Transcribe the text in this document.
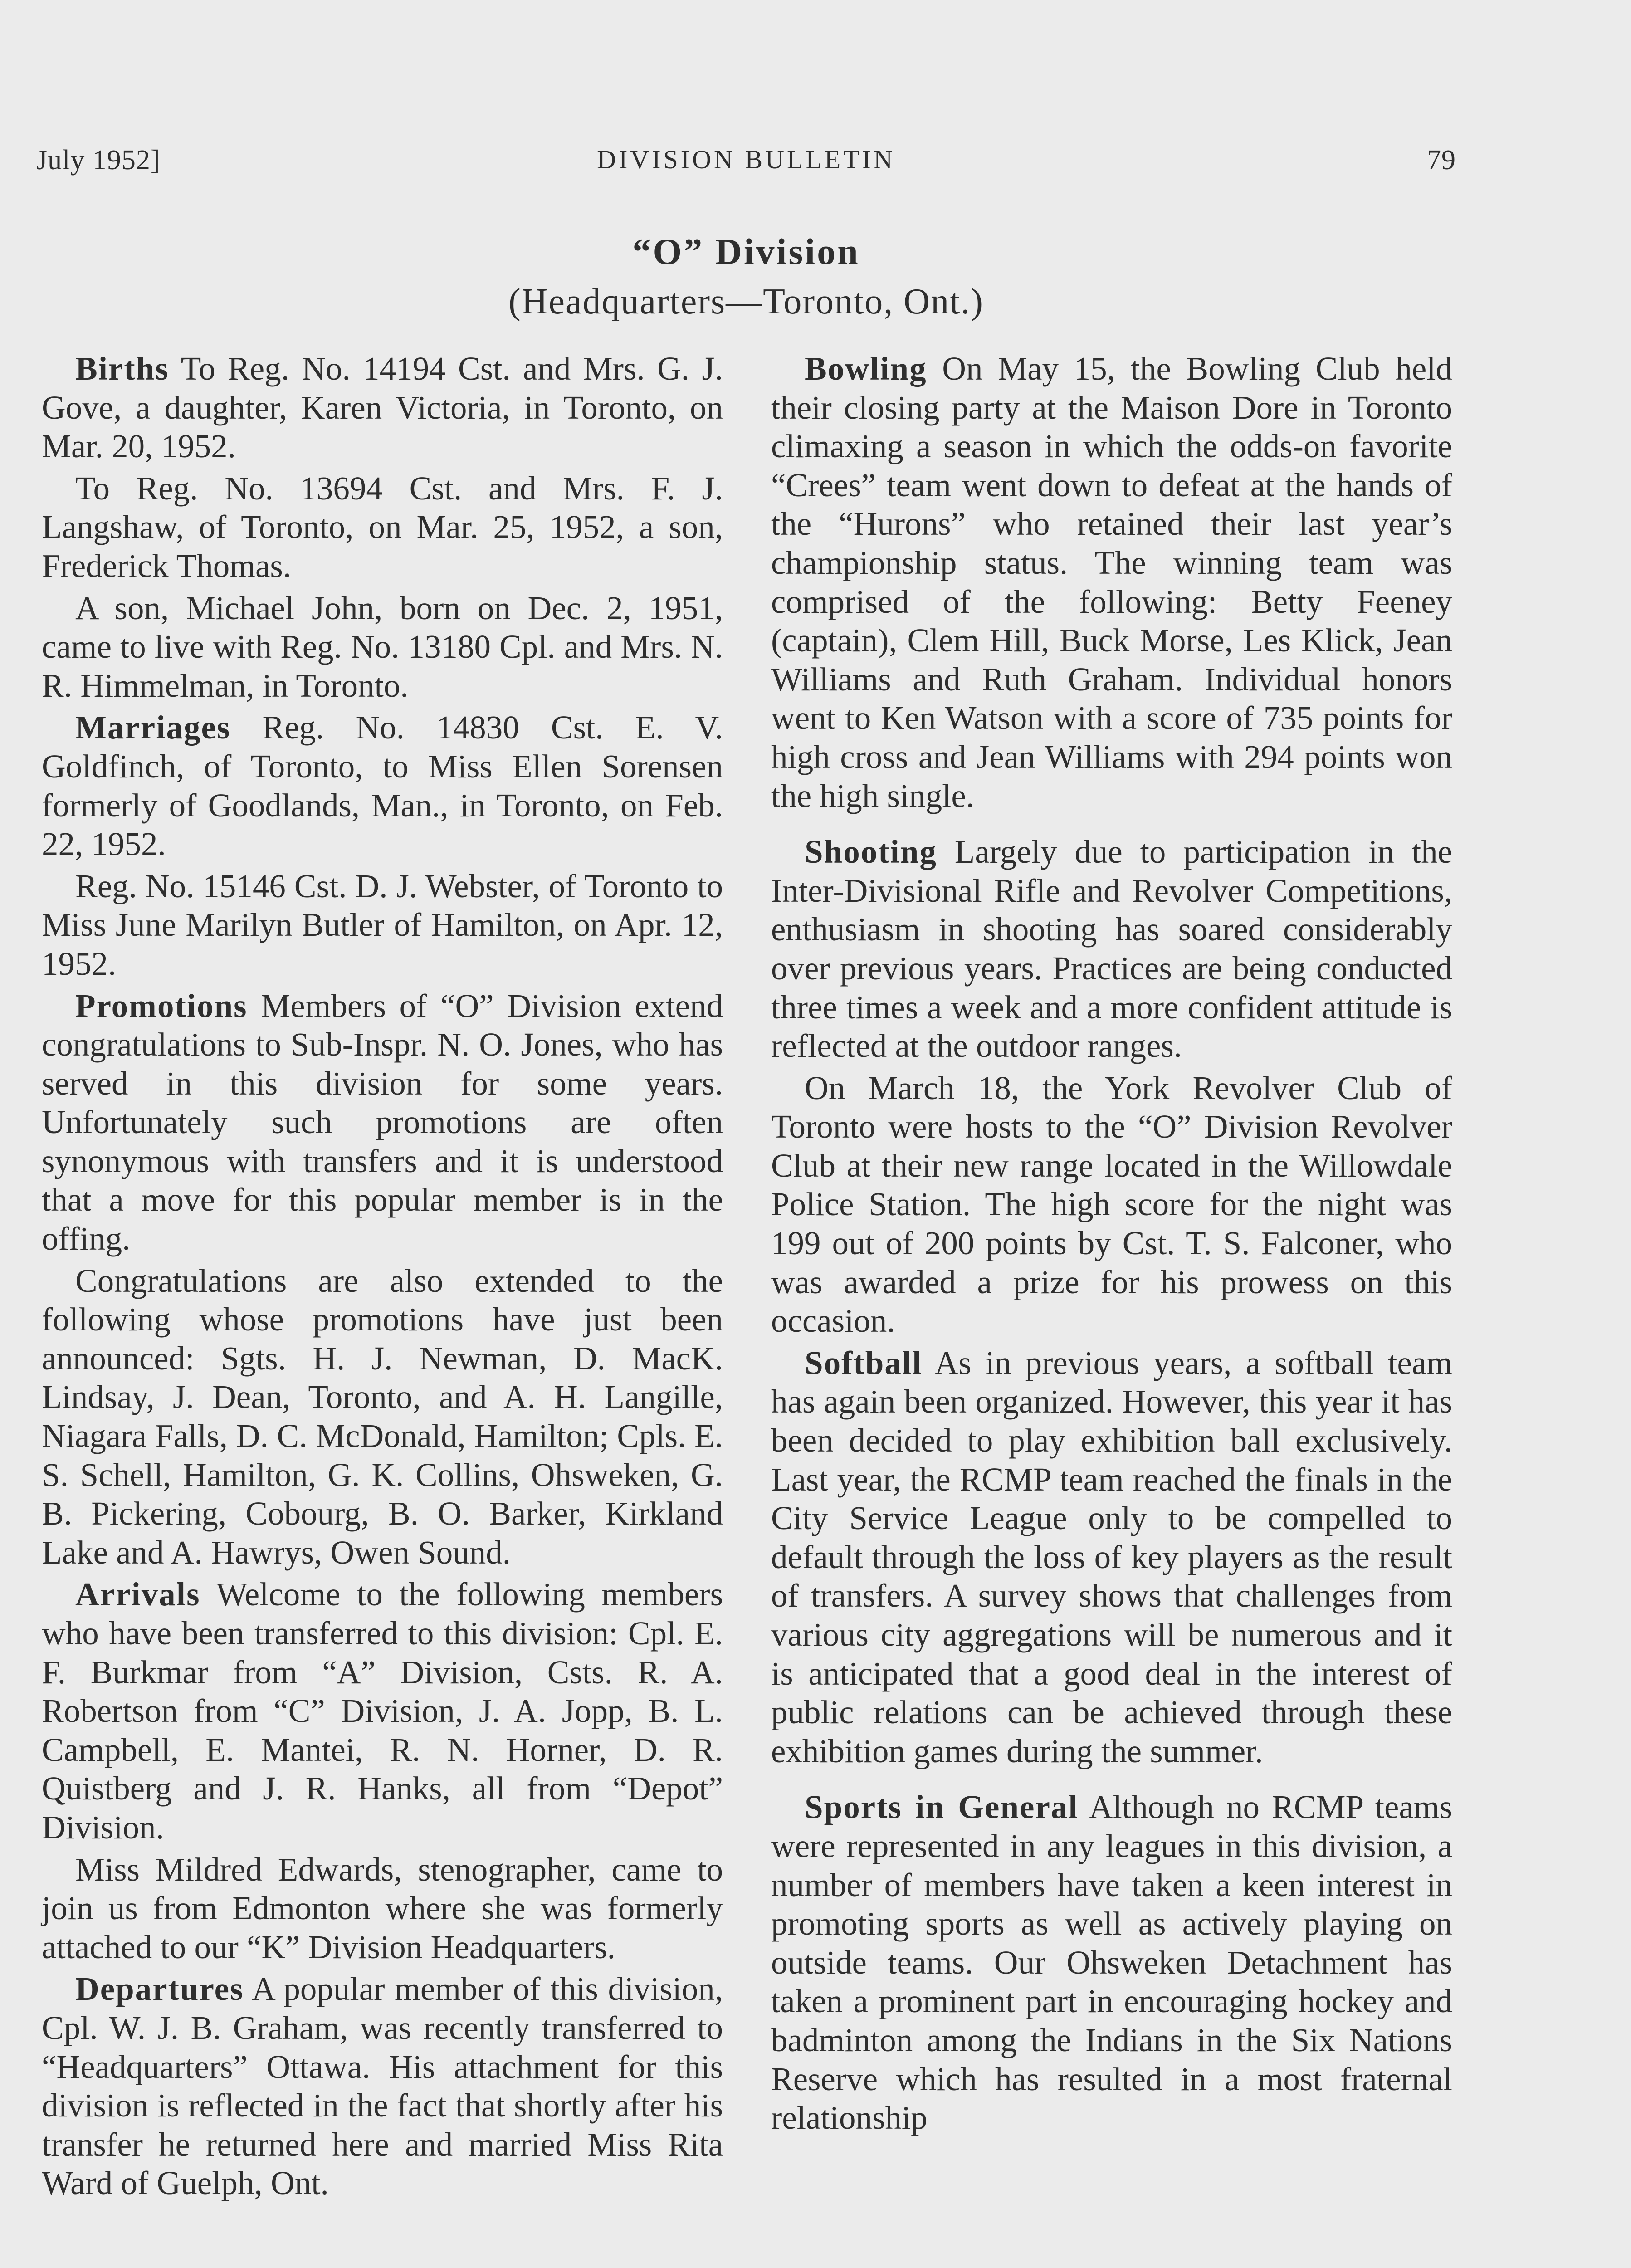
July 1952]	DIVISION BULLETIN	79
“O” Division
(Headquarters—Toronto, Ont.)

Births To Reg. No. 14194 Cst. and Mrs. G. J. Gove, a daughter, Karen Victoria, in Toronto, on Mar. 20, 1952.

To Reg. No. 13694 Cst. and Mrs. F. J. Langshaw, of Toronto, on Mar. 25, 1952, a son, Frederick Thomas.

A son, Michael John, born on Dec. 2, 1951, came to live with Reg. No. 13180 Cpl. and Mrs. N. R. Himmelman, in Toronto.

Marriages Reg. No. 14830 Cst. E. V. Goldfinch, of Toronto, to Miss Ellen Sorensen formerly of Goodlands, Man., in Toronto, on Feb. 22, 1952.

Reg. No. 15146 Cst. D. J. Webster, of Toronto to Miss June Marilyn Butler of Hamilton, on Apr. 12, 1952.

Promotions Members of “O” Division extend congratulations to Sub-Inspr. N. O. Jones, who has served in this division for some years. Unfortunately such promotions are often synonymous with transfers and it is understood that a move for this popular member is in the offing.

Congratulations are also extended to the following whose promotions have just been announced: Sgts. H. J. Newman, D. MacK. Lindsay, J. Dean, Toronto, and A. H. Langille, Niagara Falls, D. C. McDonald, Hamilton; Cpls. E. S. Schell, Hamilton, G. K. Collins, Ohsweken, G. B. Pickering, Cobourg, B. O. Barker, Kirkland Lake and A. Hawrys, Owen Sound.

Arrivals Welcome to the following members who have been transferred to this division: Cpl. E. F. Burkmar from “A” Division, Csts. R. A. Robertson from “C” Division, J. A. Jopp, B. L. Campbell, E. Mantei, R. N. Horner, D. R. Quistberg and J. R. Hanks, all from “Depot” Division.

Miss Mildred Edwards, stenographer, came to join us from Edmonton where she was formerly attached to our “K” Division Headquarters.

Departures A popular member of this division, Cpl. W. J. B. Graham, was recently transferred to “Headquarters” Ottawa. His attachment for this division is reflected in the fact that shortly after his transfer he returned here and married Miss Rita Ward of Guelph, Ont.

Bowling On May 15, the Bowling Club held their closing party at the Maison Dore in Toronto climaxing a season in which the odds-on favorite “Crees” team went down to defeat at the hands of the “Hurons” who retained their last year’s championship status. The winning team was comprised of the following: Betty Feeney (captain), Clem Hill, Buck Morse, Les Klick, Jean Williams and Ruth Graham. Individual honors went to Ken Watson with a score of 735 points for high cross and Jean Williams with 294 points won the high single.

Shooting Largely due to participation in the Inter-Divisional Rifle and Revolver Competitions, enthusiasm in shooting has soared considerably over previous years. Practices are being conducted three times a week and a more confident attitude is reflected at the outdoor ranges.

On March 18, the York Revolver Club of Toronto were hosts to the “O” Division Revolver Club at their new range located in the Willowdale Police Station. The high score for the night was 199 out of 200 points by Cst. T. S. Falconer, who was awarded a prize for his prowess on this occasion.

Softball As in previous years, a softball team has again been organized. However, this year it has been decided to play exhibition ball exclusively. Last year, the RCMP team reached the finals in the City Service League only to be compelled to default through the loss of key players as the result of transfers. A survey shows that challenges from various city aggregations will be numerous and it is anticipated that a good deal in the interest of public relations can be achieved through these exhibition games during the summer.

Sports in General Although no RCMP teams were represented in any leagues in this division, a number of members have taken a keen interest in promoting sports as well as actively playing on outside teams. Our Ohsweken Detachment has taken a prominent part in encouraging hockey and badminton among the Indians in the Six Nations Reserve which has resulted in a most fraternal relationship
